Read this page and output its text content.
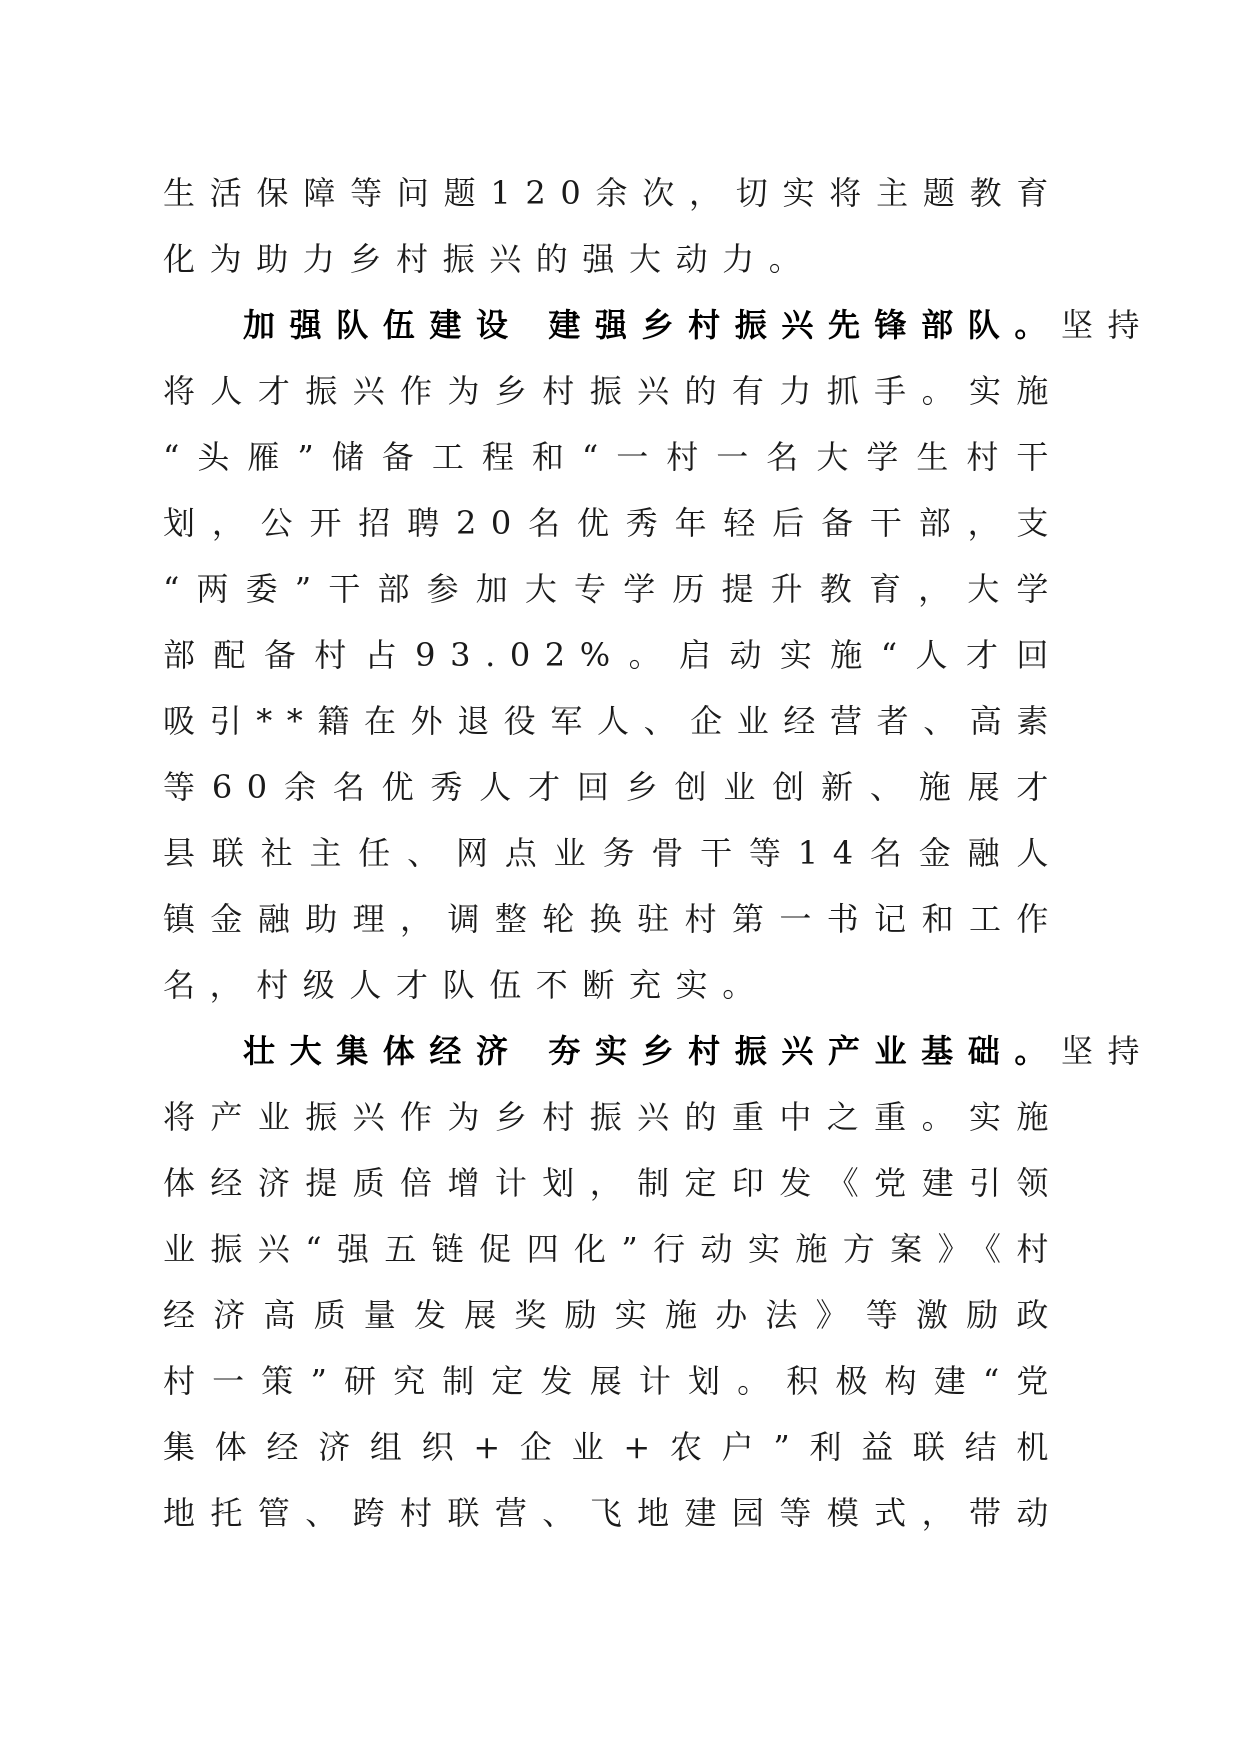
生活保障等问题120余次，切实将主题教育
化为助力乡村振兴的强大动力。
加强队伍建设 建强乡村振兴先锋部队。坚持
将人才振兴作为乡村振兴的有力抓手。实施
“头雁”储备工程和“一村一名大学生村干
划，公开招聘20名优秀年轻后备干部，支
“两委”干部参加大专学历提升教育，大学
部配备村占93.02%。启动实施“人才回
吸引**籍在外退役军人、企业经营者、高素
等60余名优秀人才回乡创业创新、施展才
县联社主任、网点业务骨干等14名金融人
镇金融助理，调整轮换驻村第一书记和工作
名，村级人才队伍不断充实。
壮大集体经济 夯实乡村振兴产业基础。坚持
将产业振兴作为乡村振兴的重中之重。实施
体经济提质倍增计划，制定印发《党建引领
业振兴“强五链促四化”行动实施方案》《村
经济高质量发展奖励实施办法》等激励政
村一策”研究制定发展计划。积极构建“党
集体经济组织+企业+农户”利益联结机
地托管、跨村联营、飞地建园等模式，带动
